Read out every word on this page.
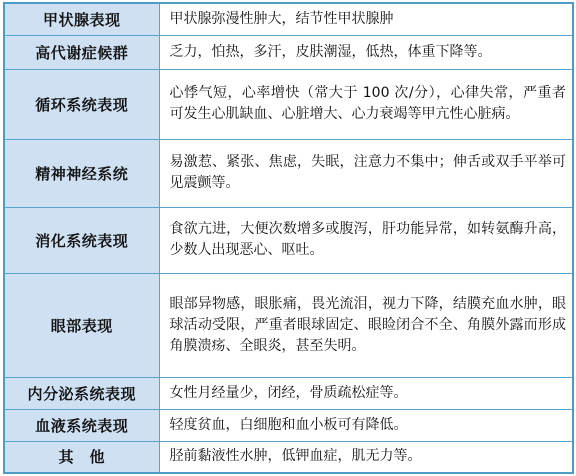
甲状腺表现	甲状腺弥漫性肿大，结节性甲状腺肿
高代谢症候群	乏力，怕热，多汗，皮肤潮湿，低热，体重下降等。
循环系统表现	心悸气短，心率增快（常大于 100 次/分），心律失常，严重者可发生心肌缺血、心脏增大、心力衰竭等甲亢性心脏病。
精神神经系统	易激惹、紧张、焦虑，失眠，注意力不集中；伸舌或双手平举可见震颤等。
消化系统表现	食欲亢进，大便次数增多或腹泻，肝功能异常，如转氨酶升高，少数人出现恶心、呕吐。
眼部表现	眼部异物感，眼胀痛，畏光流泪，视力下降，结膜充血水肿，眼球活动受限，严重者眼球固定、眼睑闭合不全、角膜外露而形成角膜溃疡、全眼炎，甚至失明。
内分泌系统表现	女性月经量少，闭经，骨质疏松症等。
血液系统表现	轻度贫血，白细胞和血小板可有降低。
其　他	胫前黏液性水肿，低钾血症，肌无力等。
